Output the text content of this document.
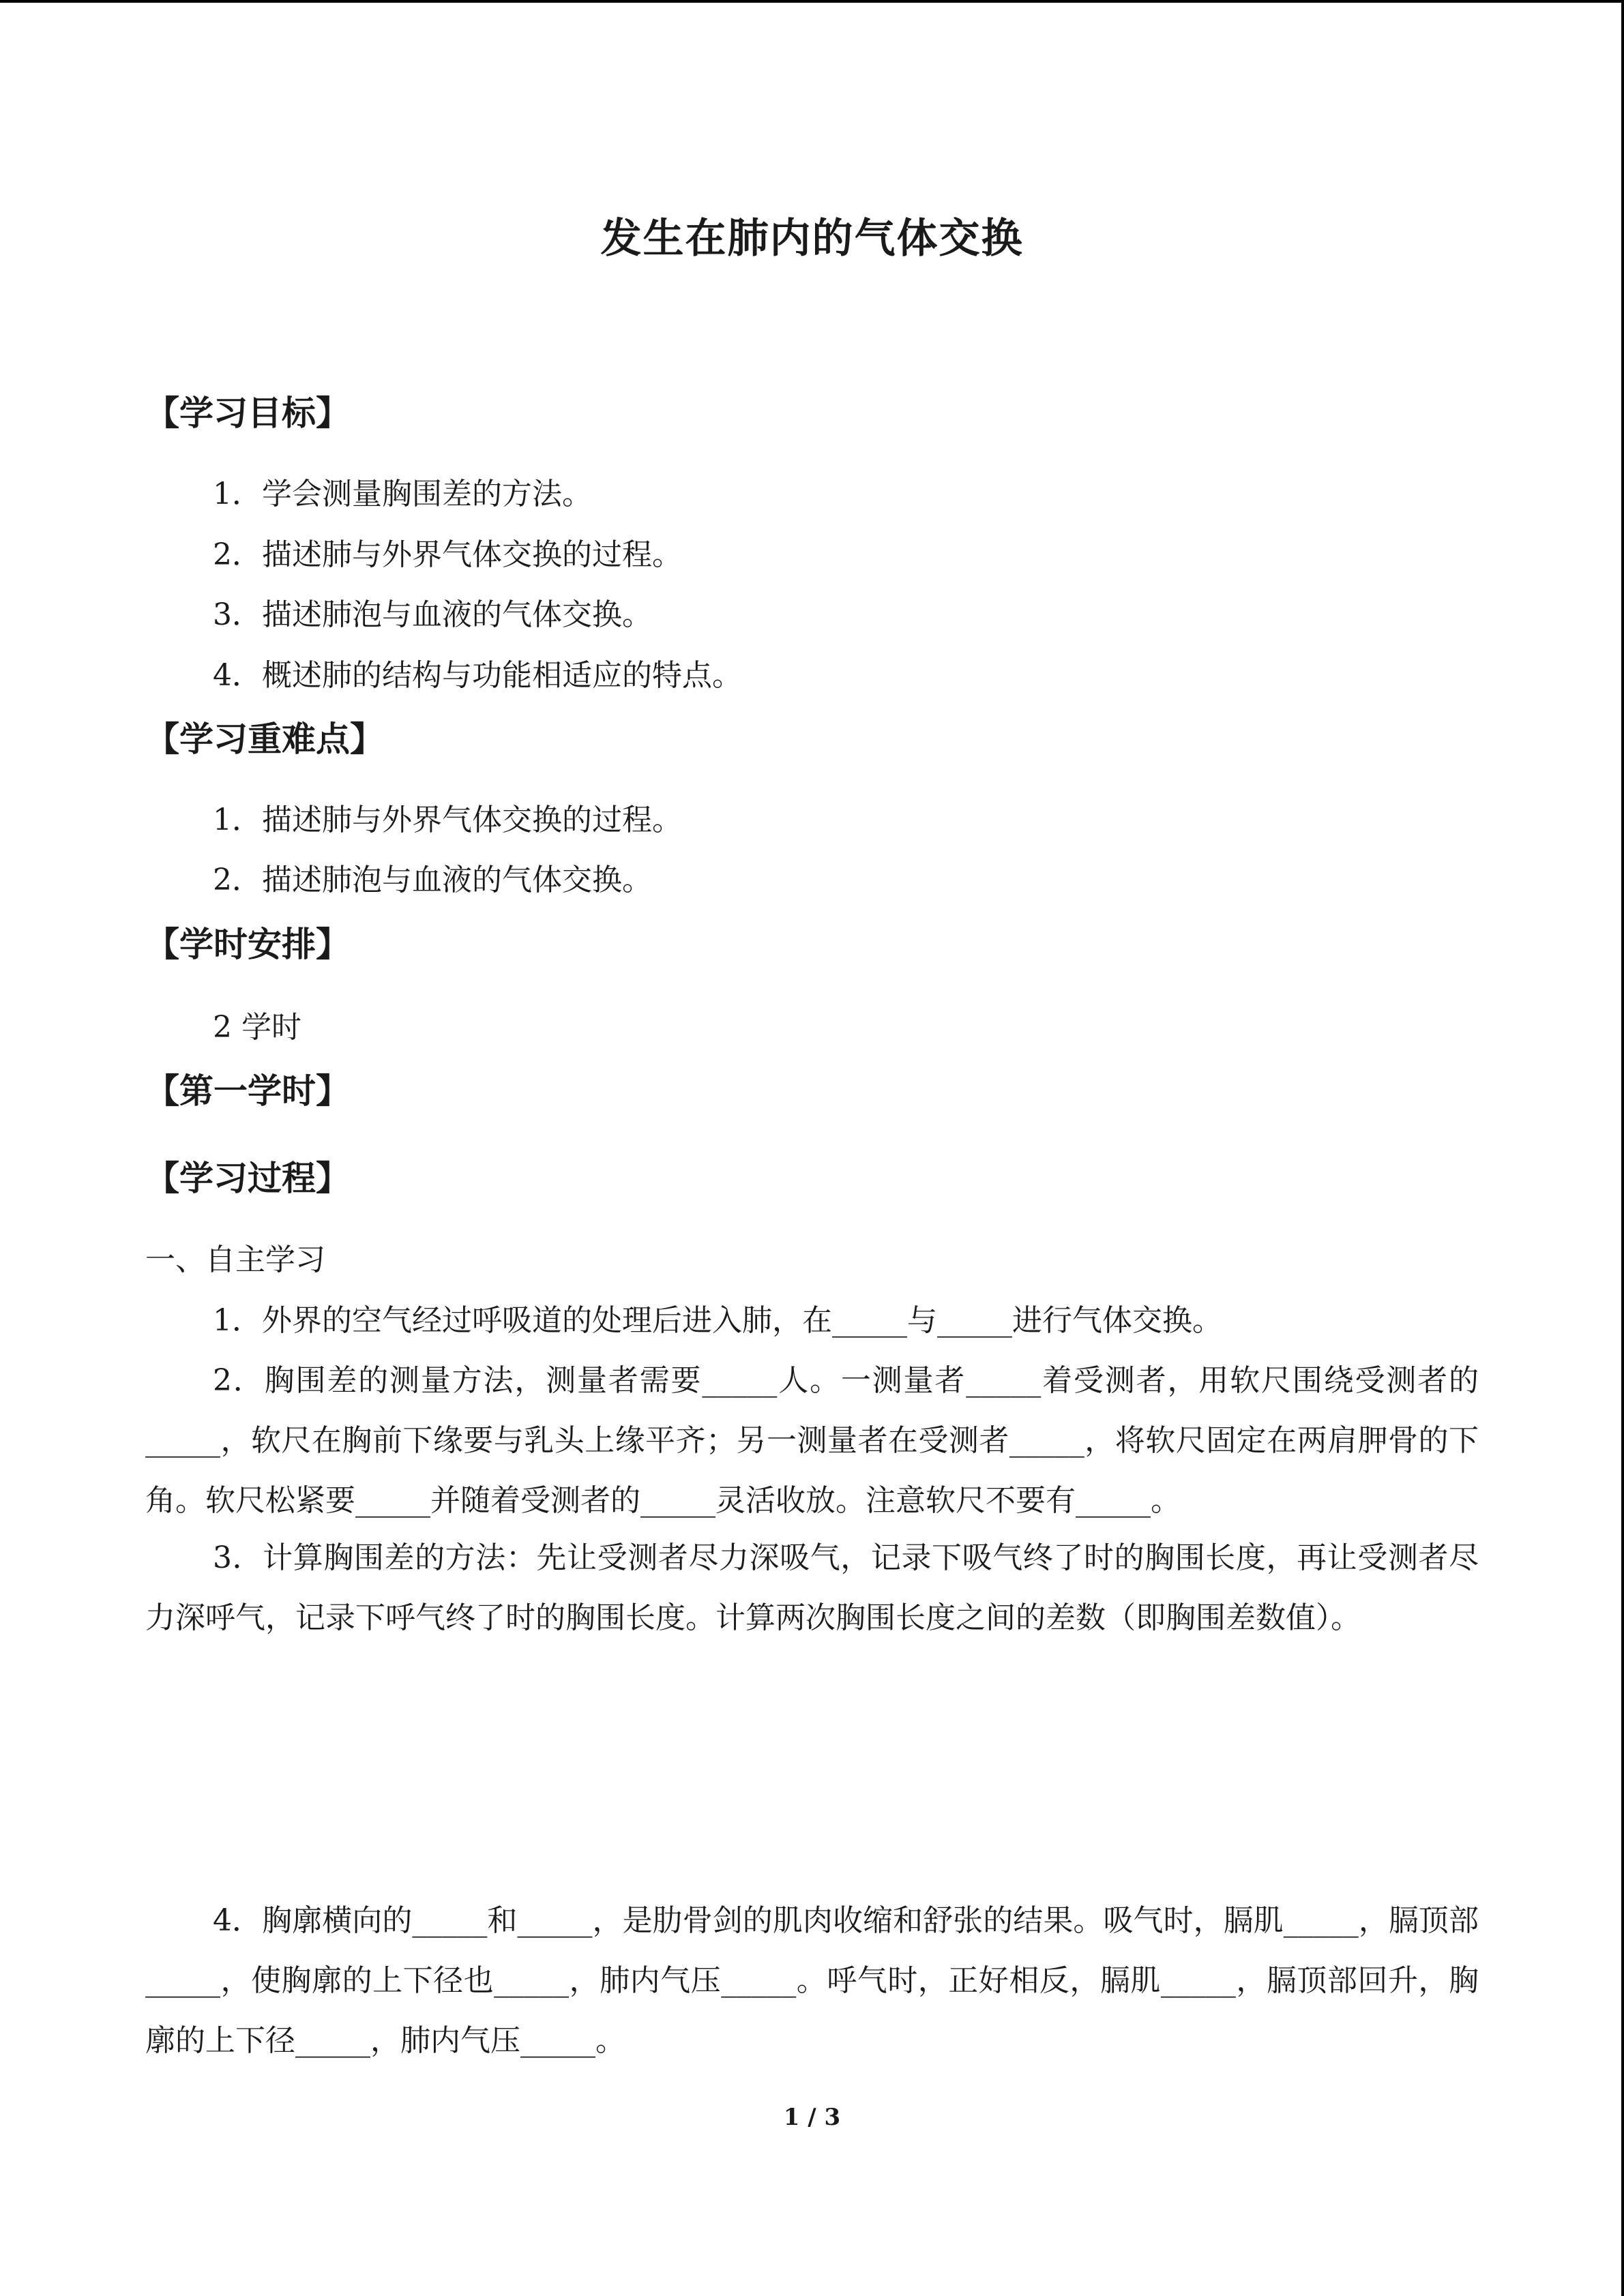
发生在肺内的气体交换
【学习目标】
1．学会测量胸围差的方法。
2．描述肺与外界气体交换的过程。
3．描述肺泡与血液的气体交换。
4．概述肺的结构与功能相适应的特点。
【学习重难点】
1．描述肺与外界气体交换的过程。
2．描述肺泡与血液的气体交换。
【学时安排】
2 学时
【第一学时】
【学习过程】
一、自主学习
1．外界的空气经过呼吸道的处理后进入肺，在_____与_____进行气体交换。
2．胸围差的测量方法，测量者需要_____人。一测量者_____着受测者，用软尺围绕受测者的_____，软尺在胸前下缘要与乳头上缘平齐；另一测量者在受测者_____，将软尺固定在两肩胛骨的下角。软尺松紧要_____并随着受测者的_____灵活收放。注意软尺不要有_____。
3．计算胸围差的方法：先让受测者尽力深吸气，记录下吸气终了时的胸围长度，再让受测者尽力深呼气，记录下呼气终了时的胸围长度。计算两次胸围长度之间的差数（即胸围差数值）。
4．胸廓横向的_____和_____，是肋骨剑的肌肉收缩和舒张的结果。吸气时，膈肌_____，膈顶部_____，使胸廓的上下径也_____，肺内气压_____。呼气时，正好相反，膈肌_____，膈顶部回升，胸廓的上下径_____，肺内气压_____。
1 / 3
